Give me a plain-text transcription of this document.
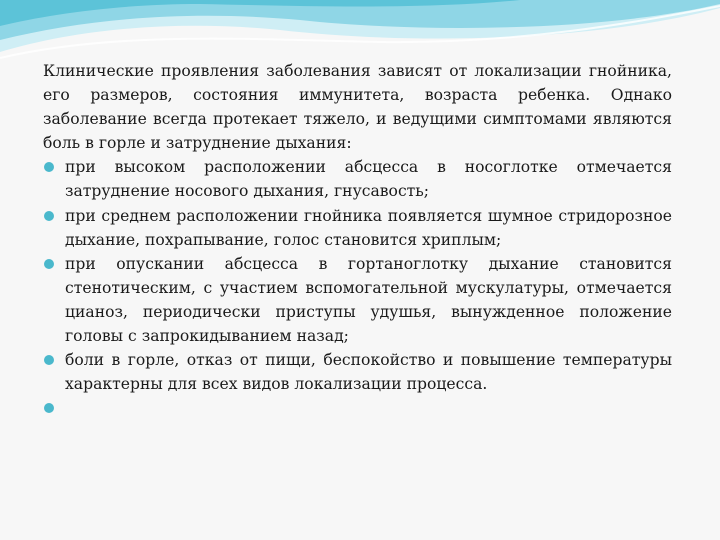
Клинические проявления заболевания зависят от локализации гнойника, его размеров, состояния иммунитета, возраста ребенка. Однако заболевание всегда протекает тяжело, и ведущими симптомами являются боль в горле и затруднение дыхания:

при высоком расположении абсцесса в носоглотке отмечается затруднение носового дыхания, гнусавость;
при среднем расположении гнойника появляется шумное стридорозное дыхание, похрапывание, голос становится хриплым;
при опускании абсцесса в гортаноглотку дыхание становится стенотическим, с участием вспомогательной мускулатуры, отмечается цианоз, периодически приступы удушья, вынужденное положение головы с запрокидыванием назад;
боли в горле, отказ от пищи, беспокойство и повышение температуры характерны для всех видов локализации процесса.
